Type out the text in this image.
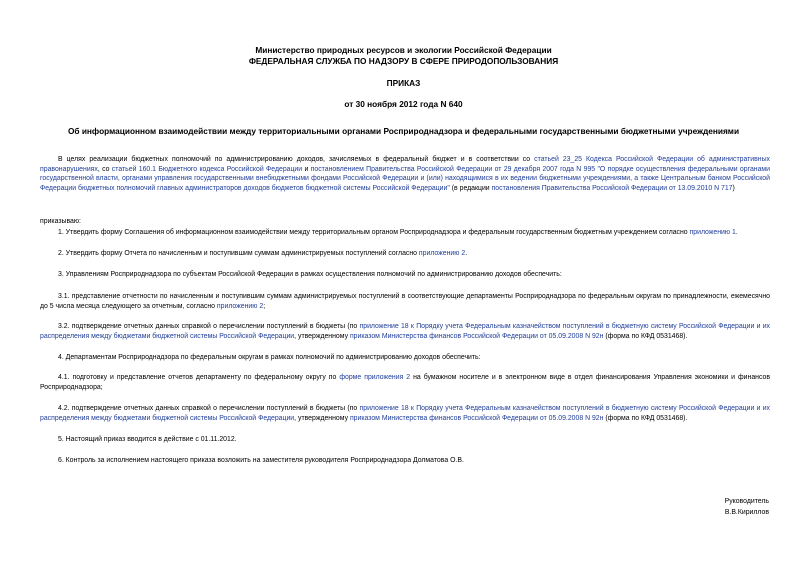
Министерство природных ресурсов и экологии Российской Федерации
ФЕДЕРАЛЬНАЯ СЛУЖБА ПО НАДЗОРУ В СФЕРЕ ПРИРОДОПОЛЬЗОВАНИЯ
ПРИКАЗ
от 30 ноября 2012 года N 640
Об информационном взаимодействии между территориальными органами Росприроднадзора и федеральными государственными бюджетными учреждениями
В целях реализации бюджетных полномочий по администрированию доходов, зачисляемых в федеральный бюджет и в соответствии со статьей 23_25 Кодекса Российской Федерации об административных правонарушениях, со статьей 160.1 Бюджетного кодекса Российской Федерации и постановлением Правительства Российской Федерации от 29 декабря 2007 года N 995 "О порядке осуществления федеральными органами государственной власти, органами управления государственными внебюджетными фондами Российской Федерации и (или) находящимися в их ведении бюджетными учреждениями, а также Центральным банком Российской Федерации бюджетных полномочий главных администраторов доходов бюджетов бюджетной системы Российской Федерации" (в редакции постановления Правительства Российской Федерации от 13.09.2010 N 717)
приказываю:
1. Утвердить форму Соглашения об информационном взаимодействии между территориальным органом Росприроднадзора и федеральным государственным бюджетным учреждением согласно приложению 1.
2. Утвердить форму Отчета по начисленным и поступившим суммам администрируемых поступлений согласно приложению 2.
3. Управлениям Росприроднадзора по субъектам Российской Федерации в рамках осуществления полномочий по администрированию доходов обеспечить:
3.1. представление отчетности по начисленным и поступившим суммам администрируемых поступлений в соответствующие департаменты Росприроднадзора по федеральным округам по принадлежности, ежемесячно до 5 числа месяца следующего за отчетным, согласно приложению 2;
3.2. подтверждение отчетных данных справкой о перечислении поступлений в бюджеты (по приложение 18 к Порядку учета Федеральным казначейством поступлений в бюджетную систему Российской Федерации и их распределения между бюджетами бюджетной системы Российской Федерации, утвержденному приказом Министерства финансов Российской Федерации от 05.09.2008 N 92н (форма по КФД 0531468).
4. Департаментам Росприроднадзора по федеральным округам в рамках полномочий по администрированию доходов обеспечить:
4.1. подготовку и представление отчетов департаменту по федеральному округу по форме приложения 2 на бумажном носителе и в электронном виде в отдел финансирования Управления экономики и финансов Росприроднадзора;
4.2. подтверждение отчетных данных справкой о перечислении поступлений в бюджеты (по приложение 18 к Порядку учета Федеральным казначейством поступлений в бюджетную систему Российской Федерации и их распределения между бюджетами бюджетной системы Российской Федерации, утвержденному приказом Министерства финансов Российской Федерации от 05.09.2008 N 92н (форма по КФД 0531468).
5. Настоящий приказ вводится в действие с 01.11.2012.
6. Контроль за исполнением настоящего приказа возложить на заместителя руководителя Росприроднадзора Долматова О.В.
Руководитель
В.В.Кириллов
